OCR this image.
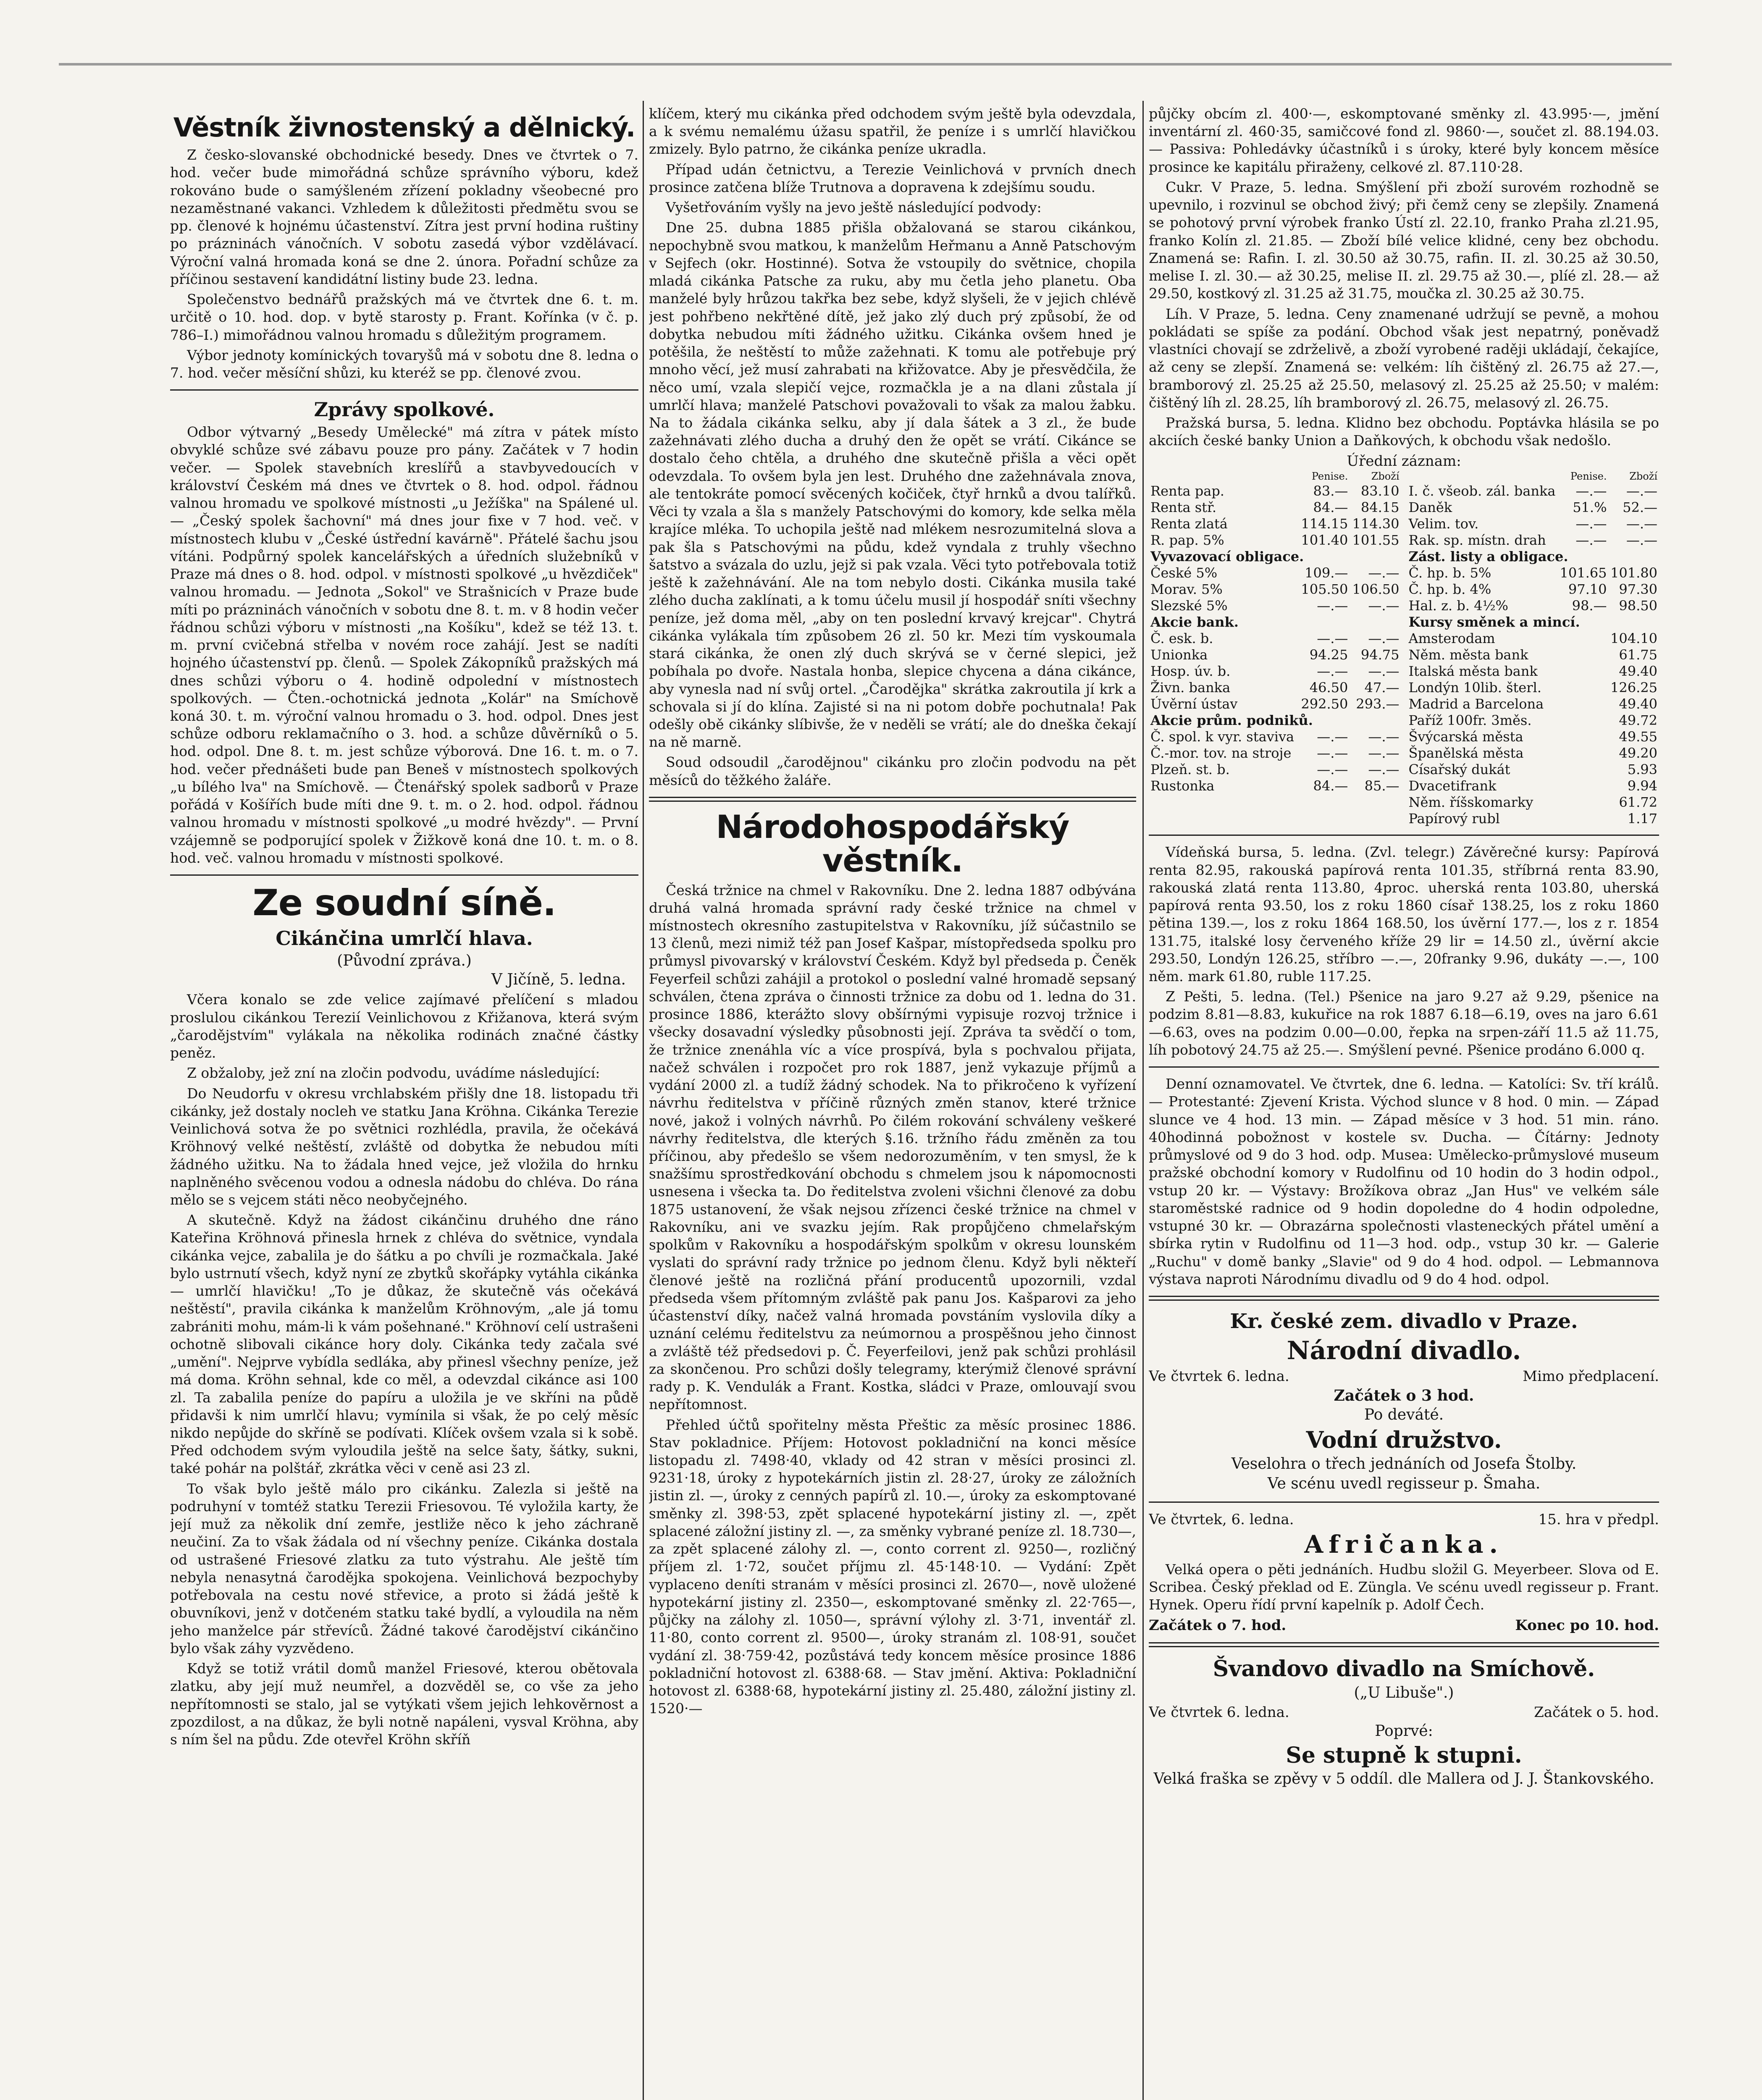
Věstník živnostenský a dělnický.

Z česko-slovanské obchodnické besedy. Dnes ve čtvrtek o 7. hod. večer bude mimořádná schůze správního výboru, kdež rokováno bude o samýšleném zřízení pokladny všeobecné pro nezaměstnané vakanci. Vzhledem k důležitosti předmětu svou se pp. členové k hojnému účastenství. Zítra jest první hodina ruštiny po prázninách vánočních. V sobotu zasedá výbor vzdělávací. Výroční valná hromada koná se dne 2. února. Pořadní schůze za příčinou sestavení kandidátní listiny bude 23. ledna.

Společenstvo bednářů pražských má ve čtvrtek dne 6. t. m. určitě o 10. hod. dop. v bytě starosty p. Frant. Kořínka (v č. p. 786–I.) mimořádnou valnou hromadu s důležitým programem.

Výbor jednoty komínických tovaryšů má v sobotu dne 8. ledna o 7. hod. večer měsíční shůzi, ku kteréž se pp. členové zvou.

Zprávy spolkové.

Odbor výtvarný „Besedy Umělecké" má zítra v pátek místo obvyklé schůze své zábavu pouze pro pány. Začátek v 7 hodin večer. — Spolek stavebních kreslířů a stavbyvedoucích v království Českém má dnes ve čtvrtek o 8. hod. odpol. řádnou valnou hromadu ve spolkové místnosti „u Ježíška" na Spálené ul. — „Český spolek šachovní" má dnes jour fixe v 7 hod. več. v místnostech klubu v „České ústřední kavárně". Přátelé šachu jsou vítáni. Podpůrný spolek kancelářských a úředních služebníků v Praze má dnes o 8. hod. odpol. v místnosti spolkové „u hvězdiček" valnou hromadu. — Jednota „Sokol" ve Strašnicích v Praze bude míti po prázninách vánočních v sobotu dne 8. t. m. v 8 hodin večer řádnou schůzi výboru v místnosti „na Košíku", kdež se též 13. t. m. první cvičebná střelba v novém roce zahájí. Jest se nadíti hojného účastenství pp. členů. — Spolek Zákopníků pražských má dnes schůzi výboru o 4. hodině odpolední v místnostech spolkových. — Čten.-ochotnická jednota „Kolár" na Smíchově koná 30. t. m. výroční valnou hromadu o 3. hod. odpol. Dnes jest schůze odboru reklamačního o 3. hod. a schůze důvěrníků o 5. hod. odpol. Dne 8. t. m. jest schůze výborová. Dne 16. t. m. o 7. hod. večer přednášeti bude pan Beneš v místnostech spolkových „u bílého lva" na Smíchově. — Čtenářský spolek sadborů v Praze pořádá v Košířích bude míti dne 9. t. m. o 2. hod. odpol. řádnou valnou hromadu v místnosti spolkové „u modré hvězdy". — První vzájemně se podporující spolek v Žižkově koná dne 10. t. m. o 8. hod. več. valnou hromadu v místnosti spolkové.

Ze soudní síně.
Cikánčina umrlčí hlava.
(Původní zpráva.)
V Jičíně, 5. ledna.

Včera konalo se zde velice zajímavé přelíčení s mladou proslulou cikánkou Terezií Veinlichovou z Křižanova, která svým „čarodějstvím" vylákala na několika rodinách značné částky peněz.

Z obžaloby, jež zní na zločin podvodu, uvádíme následující:

Do Neudorfu v okresu vrchlabském přišly dne 18. listopadu tři cikánky, jež dostaly nocleh ve statku Jana Kröhna. Cikánka Terezie Veinlichová sotva že po světnici rozhlédla, pravila, že očekává Kröhnový velké neštěstí, zvláště od dobytka že nebudou míti žádného užitku. Na to žádala hned vejce, jež vložila do hrnku naplněného svěcenou vodou a odnesla nádobu do chléva. Do rána mělo se s vejcem státi něco neobyčejného.

A skutečně. Když na žádost cikánčinu druhého dne ráno Kateřina Kröhnová přinesla hrnek z chléva do světnice, vyndala cikánka vejce, zabalila je do šátku a po chvíli je rozmačkala. Jaké bylo ustrnutí všech, když nyní ze zbytků skořápky vytáhla cikánka — umrlčí hlavičku! „To je důkaz, že skutečně vás očekává neštěstí", pravila cikánka k manželům Kröhnovým, „ale já tomu zabrániti mohu, mám-li k vám pošehnané." Kröhnoví celí ustrašeni ochotně slibovali cikánce hory doly. Cikánka tedy začala své „umění". Nejprve vybídla sedláka, aby přinesl všechny peníze, jež má doma. Kröhn sehnal, kde co měl, a odevzdal cikánce asi 100 zl. Ta zabalila peníze do papíru a uložila je ve skříni na půdě přidavši k nim umrlčí hlavu; vymínila si však, že po celý měsíc nikdo nepůjde do skříně se podívati. Klíček ovšem vzala si k sobě. Před odchodem svým vyloudila ještě na selce šaty, šátky, sukni, také pohár na polštář, zkrátka věci v ceně asi 23 zl.

To však bylo ještě málo pro cikánku. Zalezla si ještě na podruhyní v tomtéž statku Terezii Friesovou. Té vyložila karty, že její muž za několik dní zemře, jestliže něco k jeho záchraně neučiní. Za to však žádala od ní všechny peníze. Cikánka dostala od ustrašené Friesové zlatku za tuto výstrahu. Ale ještě tím nebyla nenasytná čarodějka spokojena. Veinlichová bezpochyby potřebovala na cestu nové střevice, a proto si žádá ještě k obuvníkovi, jenž v dotčeném statku také bydlí, a vyloudila na něm jeho manželce pár střevíců. Žádné takové čarodějství cikánčino bylo však záhy vyzvědeno.

Když se totiž vrátil domů manžel Friesové, kterou obětovala zlatku, aby její muž neumřel, a dozvěděl se, co vše za jeho nepřítomnosti se stalo, jal se vytýkati všem jejich lehkověrnost a zpozdilost, a na důkaz, že byli notně napáleni, vysval Kröhna, aby s ním šel na půdu. Zde otevřel Kröhn skříň

klíčem, který mu cikánka před odchodem svým ještě byla odevzdala, a k svému nemalému úžasu spatřil, že peníze i s umrlčí hlavičkou zmizely. Bylo patrno, že cikánka peníze ukradla.

Případ udán četnictvu, a Terezie Veinlichová v prvních dnech prosince zatčena blíže Trutnova a dopravena k zdejšímu soudu.

Vyšetřováním vyšly na jevo ještě následující podvody:

Dne 25. dubna 1885 přišla obžalovaná se starou cikánkou, nepochybně svou matkou, k manželům Heřmanu a Anně Patschovým v Sejfech (okr. Hostinné). Sotva že vstoupily do světnice, chopila mladá cikánka Patsche za ruku, aby mu četla jeho planetu. Oba manželé byly hrůzou takřka bez sebe, když slyšeli, že v jejich chlévě jest pohřbeno nekřtěné dítě, jež jako zlý duch prý způsobí, že od dobytka nebudou míti žádného užitku. Cikánka ovšem hned je potěšila, že neštěstí to může zažehnati. K tomu ale potřebuje prý mnoho věcí, jež musí zahrabati na křižovatce. Aby je přesvědčila, že něco umí, vzala slepičí vejce, rozmačkla je a na dlani zůstala jí umrlčí hlava; manželé Patschovi považovali to však za malou žabku. Na to žádala cikánka selku, aby jí dala šátek a 3 zl., že bude zažehnávati zlého ducha a druhý den že opět se vrátí. Cikánce se dostalo čeho chtěla, a druhého dne skutečně přišla a věci opět odevzdala. To ovšem byla jen lest. Druhého dne zažehnávala znova, ale tentokráte pomocí svěcených kočiček, čtyř hrnků a dvou talířků. Věci ty vzala a šla s manžely Patschovými do komory, kde selka měla krajíce mléka. To uchopila ještě nad mlékem nesrozumitelná slova a pak šla s Patschovými na půdu, kdež vyndala z truhly všechno šatstvo a svázala do uzlu, jejž si pak vzala. Věci tyto potřebovala totiž ještě k zažehnávání. Ale na tom nebylo dosti. Cikánka musila také zlého ducha zaklínati, a k tomu účelu musil jí hospodář sníti všechny peníze, jež doma měl, „aby on ten poslední krvavý krejcar". Chytrá cikánka vylákala tím způsobem 26 zl. 50 kr. Mezi tím vyskoumala stará cikánka, že onen zlý duch skrývá se v černé slepici, jež pobíhala po dvoře. Nastala honba, slepice chycena a dána cikánce, aby vynesla nad ní svůj ortel. „Čarodějka" skrátka zakroutila jí krk a schovala si jí do klína. Zajisté si na ni potom dobře pochutnala! Pak odešly obě cikánky slíbivše, že v neděli se vrátí; ale do dneška čekají na ně marně.

Soud odsoudil „čarodějnou" cikánku pro zločin podvodu na pět měsíců do těžkého žaláře.

Národohospodářský věstník.

Česká tržnice na chmel v Rakovníku. Dne 2. ledna 1887 odbývána druhá valná hromada správní rady české tržnice na chmel v místnostech okresního zastupitelstva v Rakovníku, jíž súčastnilo se 13 členů, mezi nimiž též pan Josef Kašpar, místopředseda spolku pro průmysl pivovarský v království Českém. Když byl předseda p. Čeněk Feyerfeil schůzi zahájil a protokol o poslední valné hromadě sepsaný schválen, čtena zpráva o činnosti tržnice za dobu od 1. ledna do 31. prosince 1886, kterážto slovy obšírnými vypisuje rozvoj tržnice i všecky dosavadní výsledky působnosti její. Zpráva ta svědčí o tom, že tržnice znenáhla víc a více prospívá, byla s pochvalou přijata, načež schválen i rozpočet pro rok 1887, jenž vykazuje příjmů a vydání 2000 zl. a tudíž žádný schodek. Na to přikročeno k vyřízení návrhu ředitelstva v příčině různých změn stanov, které tržnice nové, jakož i volných návrhů. Po čilém rokování schváleny veškeré návrhy ředitelstva, dle kterých §.16. tržního řádu změněn za tou příčinou, aby předešlo se všem nedorozuměním, v ten smysl, že k snažšímu sprostředkování obchodu s chmelem jsou k nápomocnosti usnesena i všecka ta. Do ředitelstva zvoleni všichni členové za dobu 1875 ustanovení, že však nejsou zřízenci české tržnice na chmel v Rakovníku, ani ve svazku jejím. Rak propůjčeno chmelařským spolkům v Rakovníku a hospodářským spolkům v okresu lounském vyslati do správní rady tržnice po jednom členu. Když byli někteří členové ještě na rozličná přání producentů upozornili, vzdal předseda všem přítomným zvláště pak panu Jos. Kašparovi za jeho účastenství díky, načež valná hromada povstáním vyslovila díky a uznání celému ředitelstvu za neúmornou a prospěšnou jeho činnost a zvláště též předsedovi p. Č. Feyerfeilovi, jenž pak schůzi prohlásil za skončenou. Pro schůzi došly telegramy, kterýmiž členové správní rady p. K. Vendulák a Frant. Kostka, sládci v Praze, omlouvají svou nepřítomnost.

Přehled účtů spořitelny města Přeštic za měsíc prosinec 1886. Stav pokladnice. Příjem: Hotovost pokladniční na konci měsíce listopadu zl. 7498·40, vklady od 42 stran v měsíci prosinci zl. 9231·18, úroky z hypotekárních jistin zl. 28·27, úroky ze záložních jistin zl. —, úroky z cenných papírů zl. 10.—, úroky za eskomptované směnky zl. 398·53, zpět splacené hypotekární jistiny zl. —, zpět splacené záložní jistiny zl. —, za směnky vybrané peníze zl. 18.730—, za zpět splacené zálohy zl. —, conto corrent zl. 9250—, rozličný příjem zl. 1·72, součet příjmu zl. 45·148·10. — Vydání: Zpět vyplaceno deníti stranám v měsíci prosinci zl. 2670—, nově uložené hypotekární jistiny zl. 2350—, eskomptované směnky zl. 22·765—, půjčky na zálohy zl. 1050—, správní výlohy zl. 3·71, inventář zl. 11·80, conto corrent zl. 9500—, úroky stranám zl. 108·91, součet vydání zl. 38·759·42, pozůstává tedy koncem měsíce prosince 1886 pokladniční hotovost zl. 6388·68. — Stav jmění. Aktiva: Pokladniční hotovost zl. 6388·68, hypotekární jistiny zl. 25.480, záložní jistiny zl. 1520·—

půjčky obcím zl. 400·—, eskomptované směnky zl. 43.995·—, jmění inventární zl. 460·35, samičcové fond zl. 9860·—, součet zl. 88.194.03. — Passiva: Pohledávky účastníků i s úroky, které byly koncem měsíce prosince ke kapitálu přiraženy, celkové zl. 87.110·28.

Cukr. V Praze, 5. ledna. Smýšlení při zboží surovém rozhodně se upevnilo, i rozvinul se obchod živý; při čemž ceny se zlepšily. Znamená se pohotový první výrobek franko Ústí zl. 22.10, franko Praha zl.21.95, franko Kolín zl. 21.85. — Zboží bílé velice klidné, ceny bez obchodu. Znamená se: Rafin. I. zl. 30.50 až 30.75, rafin. II. zl. 30.25 až 30.50, melise I. zl. 30.— až 30.25, melise II. zl. 29.75 až 30.—, plíé zl. 28.— až 29.50, kostkový zl. 31.25 až 31.75, moučka zl. 30.25 až 30.75.

Líh. V Praze, 5. ledna. Ceny znamenané udržují se pevně, a mohou pokládati se spíše za podání. Obchod však jest nepatrný, poněvadž vlastníci chovají se zdrželivě, a zboží vyrobené raději ukládají, čekajíce, až ceny se zlepší. Znamená se: velkém: líh čištěný zl. 26.75 až 27.—, bramborový zl. 25.25 až 25.50, melasový zl. 25.25 až 25.50; v malém: čištěný líh zl. 28.25, líh bramborový zl. 26.75, melasový zl. 26.75.

Pražská bursa, 5. ledna. Klidno bez obchodu. Poptávka hlásila se po akciích české banky Union a Daňkových, k obchodu však nedošlo.

Úřední záznam:
	Penise.	Zboží
Renta pap.	83.—	83.10
Renta stř.	84.—	84.15
Renta zlatá	114.15	114.30
R. pap. 5%	101.40	101.55
Vyvazovací obligace.		
České 5%	109.—	—.—
Morav. 5%	105.50	106.50
Slezské 5%	—.—	—.—
Akcie bank.		
Č. esk. b.	—.—	—.—
Unionka	94.25	94.75
Hosp. úv. b.	—.—	—.—
Živn. banka	46.50	47.—
Úvěrní ústav	292.50	293.—
Akcie prům. podniků.		
Č. spol. k vyr. staviva	—.—	—.—
Č.-mor. tov. na stroje	—.—	—.—
Plzeň. st. b.	—.—	—.—
Rustonka	84.—	85.—
	Penise.	Zboží
I. č. všeob. zál. banka	—.—	—.—
Daněk	51.%	52.—
Velim. tov.	—.—	—.—
Rak. sp. místn. drah	—.—	—.—
Zást. listy a obligace.		
Č. hp. b. 5%	101.65	101.80
Č. hp. b. 4%	97.10	97.30
Hal. z. b. 4½%	98.—	98.50
Kursy směnek a mincí.		
Amsterodam		104.10
Něm. města bank		61.75
Italská města bank		49.40
Londýn 10lib. šterl.		126.25
Madrid a Barcelona		49.40
Paříž 100fr. 3měs.		49.72
Švýcarská města		49.55
Španělská města		49.20
Císařský dukát		5.93
Dvacetifrank		9.94
Něm. říšskomarky		61.72
Papírový rubl		1.17

Vídeňská bursa, 5. ledna. (Zvl. telegr.) Závěrečné kursy: Papírová renta 82.95, rakouská papírová renta 101.35, stříbrná renta 83.90, rakouská zlatá renta 113.80, 4proc. uherská renta 103.80, uherská papírová renta 93.50, los z roku 1860 císař 138.25, los z roku 1860 pětina 139.—, los z roku 1864 168.50, los úvěrní 177.—, los z r. 1854 131.75, italské losy červeného kříže 29 lir = 14.50 zl., úvěrní akcie 293.50, Londýn 126.25, stříbro —.—, 20franky 9.96, dukáty —.—, 100 něm. mark 61.80, ruble 117.25.

Z Pešti, 5. ledna. (Tel.) Pšenice na jaro 9.27 až 9.29, pšenice na podzim 8.81—8.83, kukuřice na rok 1887 6.18—6.19, oves na jaro 6.61—6.63, oves na podzim 0.00—0.00, řepka na srpen-září 11.5 až 11.75, líh pobotový 24.75 až 25.—. Smýšlení pevné. Pšenice prodáno 6.000 q.

Denní oznamovatel. Ve čtvrtek, dne 6. ledna. — Katolíci: Sv. tří králů. — Protestanté: Zjevení Krista. Východ slunce v 8 hod. 0 min. — Západ slunce ve 4 hod. 13 min. — Západ měsíce v 3 hod. 51 min. ráno. 40hodinná pobožnost v kostele sv. Ducha. — Čítárny: Jednoty průmyslové od 9 do 3 hod. odp. Musea: Umělecko-průmyslové museum pražské obchodní komory v Rudolfinu od 10 hodin do 3 hodin odpol., vstup 20 kr. — Výstavy: Brožíkova obraz „Jan Hus" ve velkém sále staroměstské radnice od 9 hodin dopoledne do 4 hodin odpoledne, vstupné 30 kr. — Obrazárna společnosti vlasteneckých přátel umění a sbírka rytin v Rudolfinu od 11—3 hod. odp., vstup 30 kr. — Galerie „Ruchu" v domě banky „Slavie" od 9 do 4 hod. odpol. — Lebmannova výstava naproti Národnímu divadlu od 9 do 4 hod. odpol.

Kr. české zem. divadlo v Praze.
Národní divadlo.
Ve čtvrtek 6. ledna.	Mimo předplacení.
Začátek o 3 hod.
Po deváté.
Vodní družstvo.
Veselohra o třech jednáních od Josefa Štolby.
Ve scénu uvedl regisseur p. Šmaha.
Ve čtvrtek, 6. ledna.	15. hra v předpl.
Afričanka.

Velká opera o pěti jednáních. Hudbu složil G. Meyerbeer. Slova od E. Scribea. Český překlad od E. Züngla. Ve scénu uvedl regisseur p. Frant. Hynek. Operu řídí první kapelník p. Adolf Čech.

Začátek o 7. hod.	Konec po 10. hod.
Švandovo divadlo na Smíchově.
(„U Libuše".)
Ve čtvrtek 6. ledna.	Začátek o 5. hod.
Poprvé:
Se stupně k stupni.
Velká fraška se zpěvy v 5 oddíl. dle Mallera od J. J. Štankovského.
